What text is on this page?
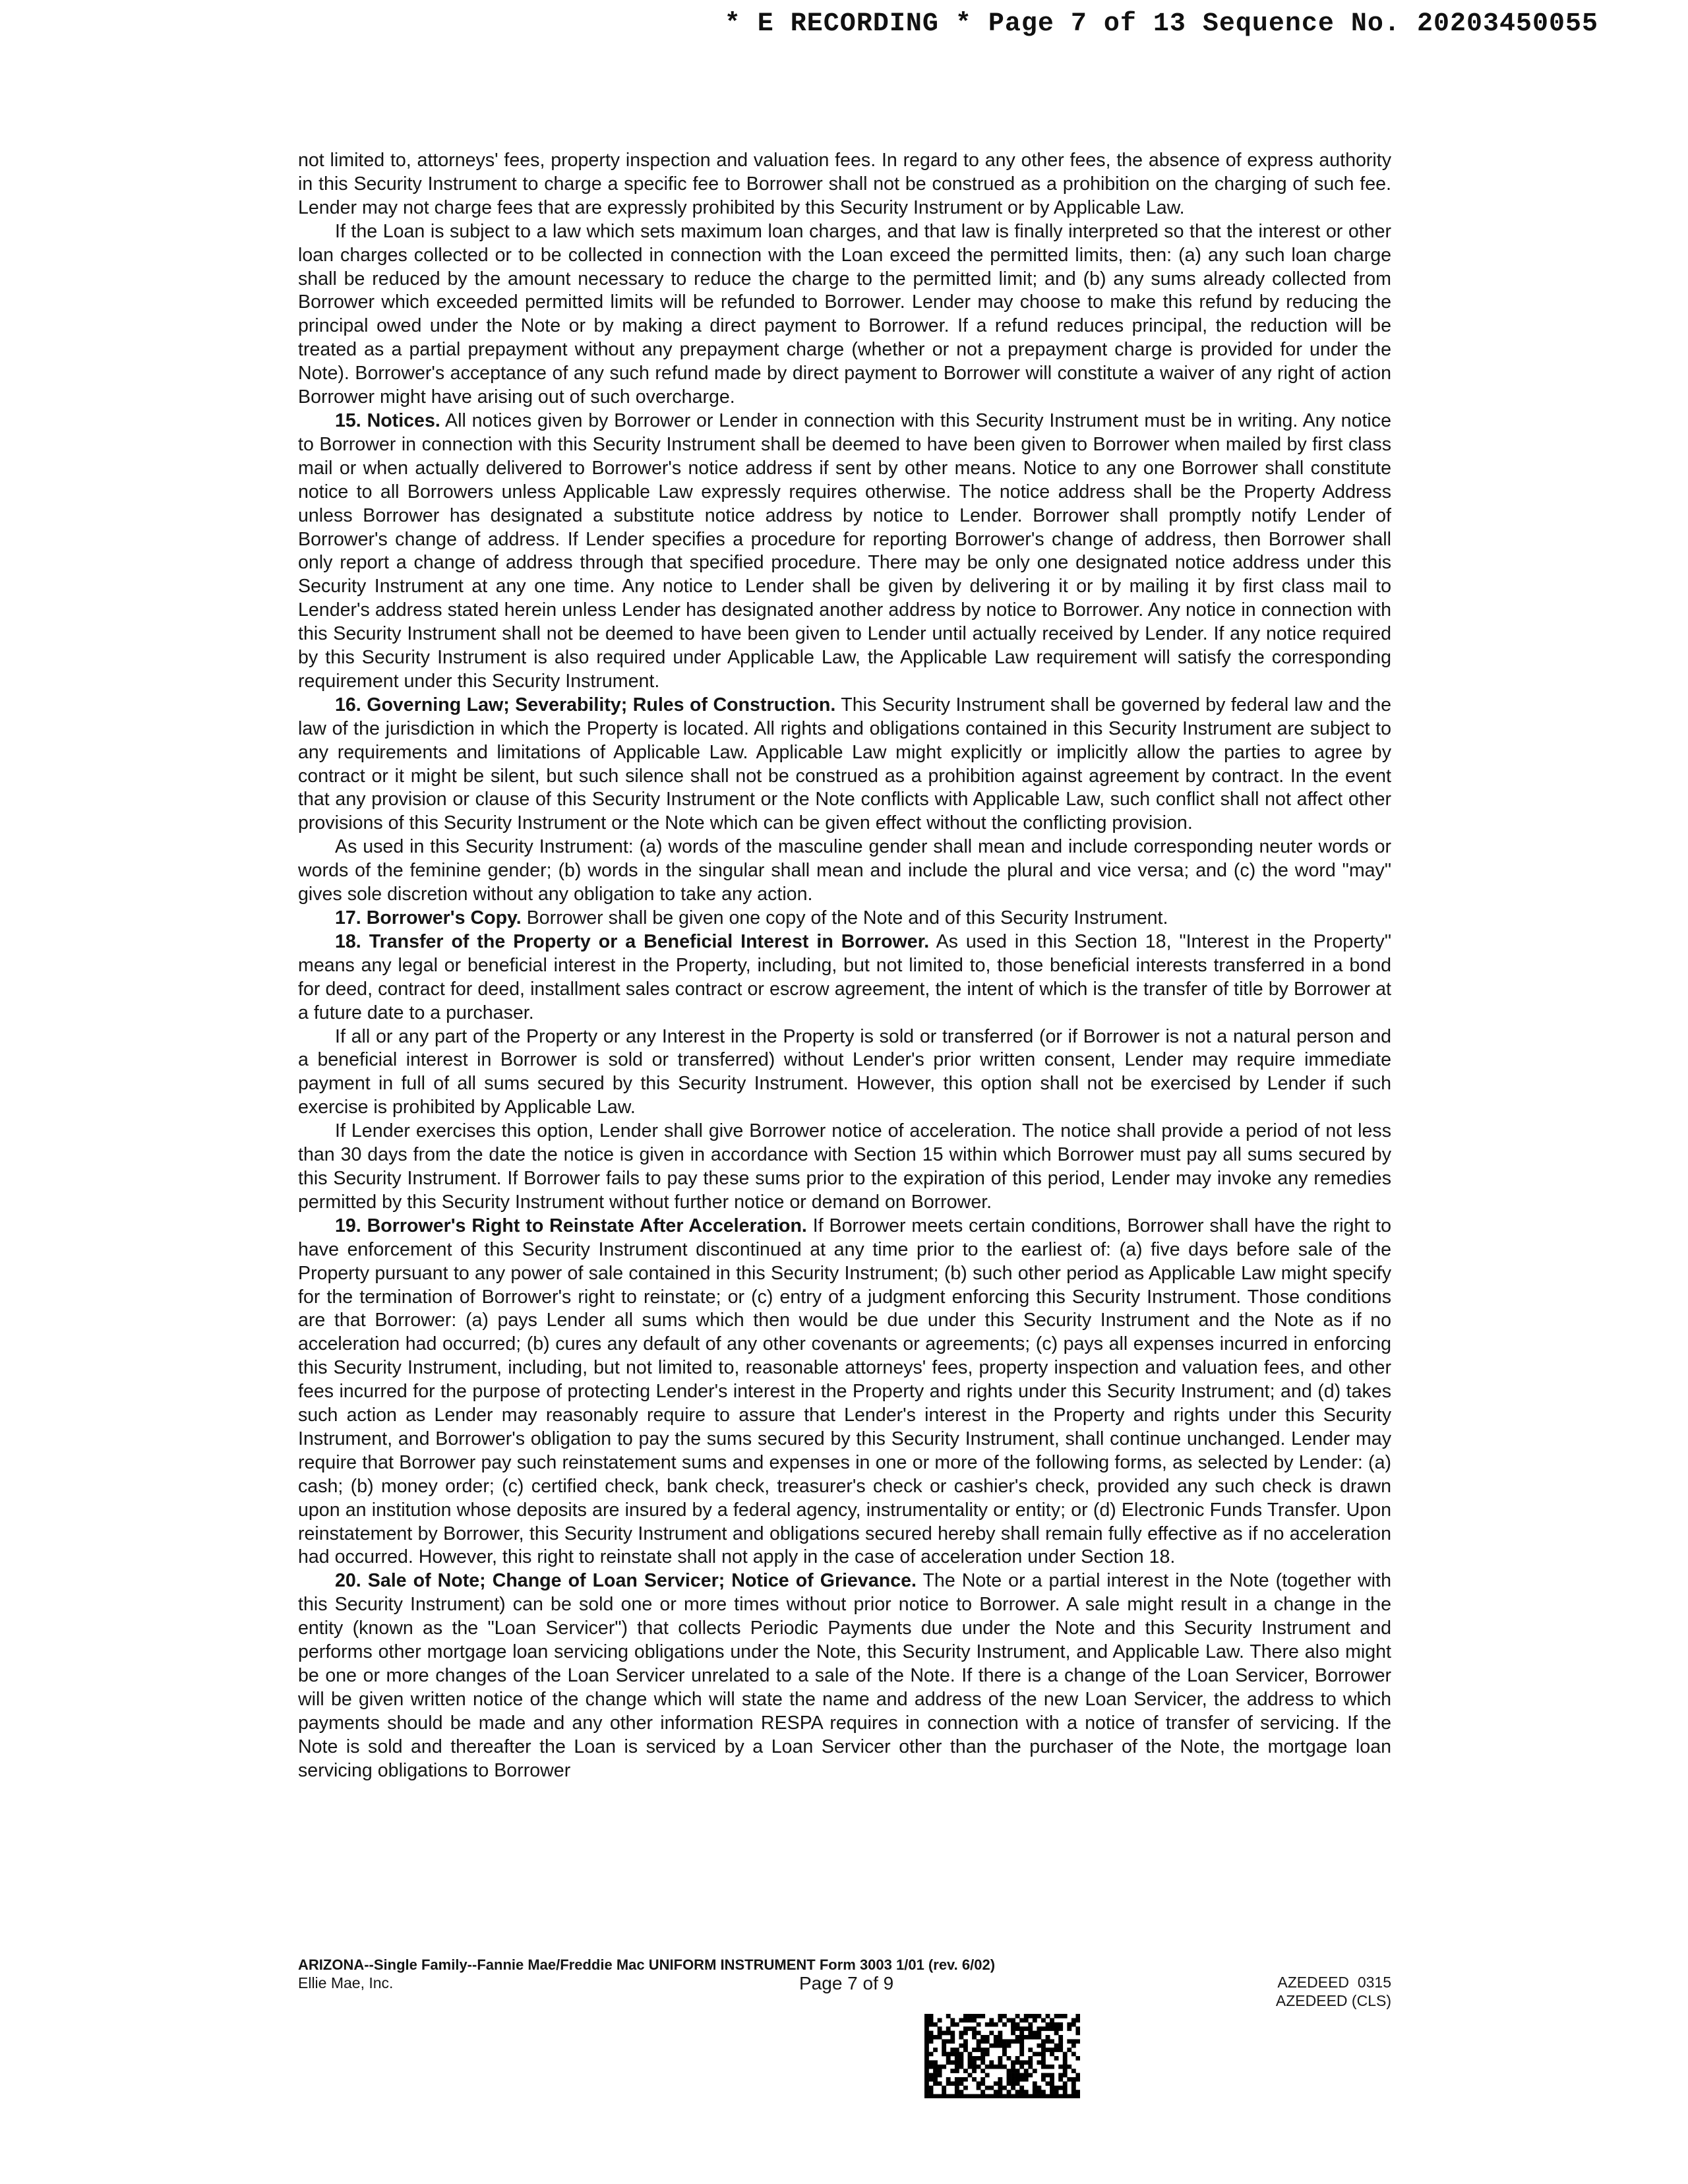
* E RECORDING * Page 7 of 13 Sequence No. 20203450055

not limited to, attorneys' fees, property inspection and valuation fees. In regard to any other fees, the absence of express authority in this Security Instrument to charge a specific fee to Borrower shall not be construed as a prohibition on the charging of such fee. Lender may not charge fees that are expressly prohibited by this Security Instrument or by Applicable Law.

If the Loan is subject to a law which sets maximum loan charges, and that law is finally interpreted so that the interest or other loan charges collected or to be collected in connection with the Loan exceed the permitted limits, then: (a) any such loan charge shall be reduced by the amount necessary to reduce the charge to the permitted limit; and (b) any sums already collected from Borrower which exceeded permitted limits will be refunded to Borrower. Lender may choose to make this refund by reducing the principal owed under the Note or by making a direct payment to Borrower. If a refund reduces principal, the reduction will be treated as a partial prepayment without any prepayment charge (whether or not a prepayment charge is provided for under the Note). Borrower's acceptance of any such refund made by direct payment to Borrower will constitute a waiver of any right of action Borrower might have arising out of such overcharge.

15. Notices. All notices given by Borrower or Lender in connection with this Security Instrument must be in writing. Any notice to Borrower in connection with this Security Instrument shall be deemed to have been given to Borrower when mailed by first class mail or when actually delivered to Borrower's notice address if sent by other means. Notice to any one Borrower shall constitute notice to all Borrowers unless Applicable Law expressly requires otherwise. The notice address shall be the Property Address unless Borrower has designated a substitute notice address by notice to Lender. Borrower shall promptly notify Lender of Borrower's change of address. If Lender specifies a procedure for reporting Borrower's change of address, then Borrower shall only report a change of address through that specified procedure. There may be only one designated notice address under this Security Instrument at any one time. Any notice to Lender shall be given by delivering it or by mailing it by first class mail to Lender's address stated herein unless Lender has designated another address by notice to Borrower. Any notice in connection with this Security Instrument shall not be deemed to have been given to Lender until actually received by Lender. If any notice required by this Security Instrument is also required under Applicable Law, the Applicable Law requirement will satisfy the corresponding requirement under this Security Instrument.

16. Governing Law; Severability; Rules of Construction. This Security Instrument shall be governed by federal law and the law of the jurisdiction in which the Property is located. All rights and obligations contained in this Security Instrument are subject to any requirements and limitations of Applicable Law. Applicable Law might explicitly or implicitly allow the parties to agree by contract or it might be silent, but such silence shall not be construed as a prohibition against agreement by contract. In the event that any provision or clause of this Security Instrument or the Note conflicts with Applicable Law, such conflict shall not affect other provisions of this Security Instrument or the Note which can be given effect without the conflicting provision.

As used in this Security Instrument: (a) words of the masculine gender shall mean and include corresponding neuter words or words of the feminine gender; (b) words in the singular shall mean and include the plural and vice versa; and (c) the word "may" gives sole discretion without any obligation to take any action.

17. Borrower's Copy. Borrower shall be given one copy of the Note and of this Security Instrument.

18. Transfer of the Property or a Beneficial Interest in Borrower. As used in this Section 18, "Interest in the Property" means any legal or beneficial interest in the Property, including, but not limited to, those beneficial interests transferred in a bond for deed, contract for deed, installment sales contract or escrow agreement, the intent of which is the transfer of title by Borrower at a future date to a purchaser.

If all or any part of the Property or any Interest in the Property is sold or transferred (or if Borrower is not a natural person and a beneficial interest in Borrower is sold or transferred) without Lender's prior written consent, Lender may require immediate payment in full of all sums secured by this Security Instrument. However, this option shall not be exercised by Lender if such exercise is prohibited by Applicable Law.

If Lender exercises this option, Lender shall give Borrower notice of acceleration. The notice shall provide a period of not less than 30 days from the date the notice is given in accordance with Section 15 within which Borrower must pay all sums secured by this Security Instrument. If Borrower fails to pay these sums prior to the expiration of this period, Lender may invoke any remedies permitted by this Security Instrument without further notice or demand on Borrower.

19. Borrower's Right to Reinstate After Acceleration. If Borrower meets certain conditions, Borrower shall have the right to have enforcement of this Security Instrument discontinued at any time prior to the earliest of: (a) five days before sale of the Property pursuant to any power of sale contained in this Security Instrument; (b) such other period as Applicable Law might specify for the termination of Borrower's right to reinstate; or (c) entry of a judgment enforcing this Security Instrument. Those conditions are that Borrower: (a) pays Lender all sums which then would be due under this Security Instrument and the Note as if no acceleration had occurred; (b) cures any default of any other covenants or agreements; (c) pays all expenses incurred in enforcing this Security Instrument, including, but not limited to, reasonable attorneys' fees, property inspection and valuation fees, and other fees incurred for the purpose of protecting Lender's interest in the Property and rights under this Security Instrument; and (d) takes such action as Lender may reasonably require to assure that Lender's interest in the Property and rights under this Security Instrument, and Borrower's obligation to pay the sums secured by this Security Instrument, shall continue unchanged. Lender may require that Borrower pay such reinstatement sums and expenses in one or more of the following forms, as selected by Lender: (a) cash; (b) money order; (c) certified check, bank check, treasurer's check or cashier's check, provided any such check is drawn upon an institution whose deposits are insured by a federal agency, instrumentality or entity; or (d) Electronic Funds Transfer. Upon reinstatement by Borrower, this Security Instrument and obligations secured hereby shall remain fully effective as if no acceleration had occurred. However, this right to reinstate shall not apply in the case of acceleration under Section 18.

20. Sale of Note; Change of Loan Servicer; Notice of Grievance. The Note or a partial interest in the Note (together with this Security Instrument) can be sold one or more times without prior notice to Borrower. A sale might result in a change in the entity (known as the "Loan Servicer") that collects Periodic Payments due under the Note and this Security Instrument and performs other mortgage loan servicing obligations under the Note, this Security Instrument, and Applicable Law. There also might be one or more changes of the Loan Servicer unrelated to a sale of the Note. If there is a change of the Loan Servicer, Borrower will be given written notice of the change which will state the name and address of the new Loan Servicer, the address to which payments should be made and any other information RESPA requires in connection with a notice of transfer of servicing. If the Note is sold and thereafter the Loan is serviced by a Loan Servicer other than the purchaser of the Note, the mortgage loan servicing obligations to Borrower

ARIZONA--Single Family--Fannie Mae/Freddie Mac UNIFORM INSTRUMENT Form 3003 1/01 (rev. 6/02)
Ellie Mae, Inc.	Page 7 of 9	AZEDEED  0315
AZEDEED (CLS)
